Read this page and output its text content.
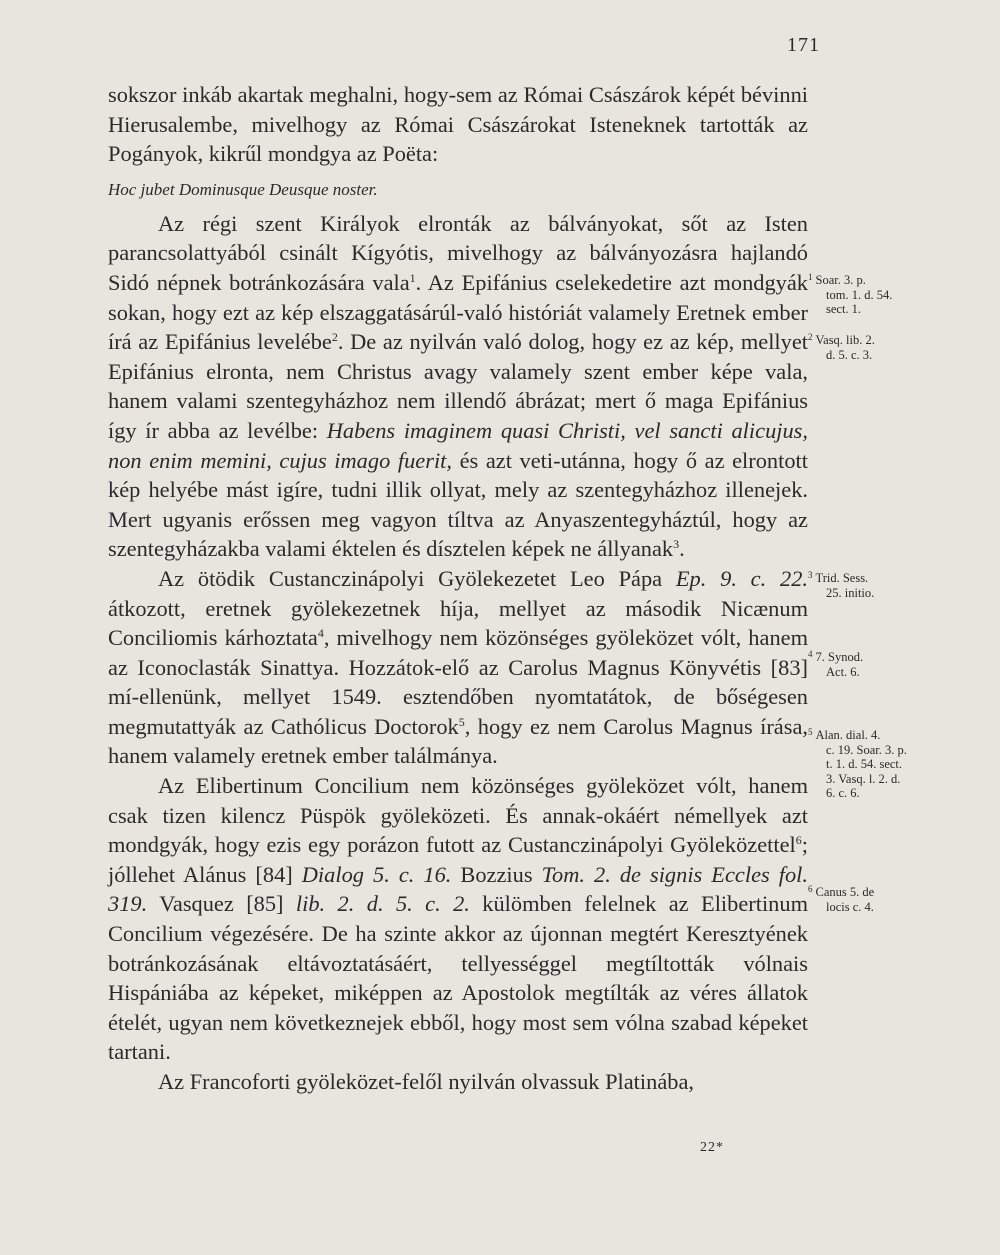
171

sokszor inkáb akartak meghalni, hogy-sem az Római Császárok képét bévinni Hierusalembe, mivelhogy az Római Császárokat Isteneknek tartották az Pogányok, kikrűl mondgya az Poëta:

Hoc jubet Dominusque Deusque noster.

Az régi szent Királyok elronták az bálványokat, sőt az Isten parancsolattyából csinált Kígyótis, mivelhogy az bálványozásra hajlandó Sidó népnek botránkozására vala$^1$. Az Epifánius cselekedetire azt mondgyák sokan, hogy ezt az kép elszaggatásárúl-való históriát valamely Eretnek ember írá az Epifánius levelébe$^2$. De az nyilván való dolog, hogy ez az kép, mellyet Epifánius elronta, nem Christus avagy valamely szent ember képe vala, hanem valami szentegyházhoz nem illendő ábrázat; mert ő maga Epifánius így ír abba az levélbe: Habens imaginem quasi Christi, vel sancti alicujus, non enim memini, cujus imago fuerit, és azt veti-utánna, hogy ő az elrontott kép helyébe mást igíre, tudni illik ollyat, mely az szentegyházhoz illenejek. Mert ugyanis erőssen meg vagyon tíltva az Anyaszentegyháztúl, hogy az szentegyházakba valami éktelen és dísztelen képek ne állyanak$^3$.

Az ötödik Custanczinápolyi Gyölekezetet Leo Pápa Ep. 9. c. 22. átkozott, eretnek gyölekezetnek híja, mellyet az második Nicænum Conciliomis kárhoztata$^4$, mivelhogy nem közönséges gyöleközet vólt, hanem az Iconoclasták Sinattya. Hozzátok-elő az Carolus Magnus Könyvétis [83] mí-ellenünk, mellyet 1549. esztendőben nyomtatátok, de bőségesen megmutattyák az Cathólicus Doctorok$^5$, hogy ez nem Carolus Magnus írása, hanem valamely eretnek ember találmánya.

Az Elibertinum Concilium nem közönséges gyöleközet vólt, hanem csak tizen kilencz Püspök gyöleközeti. És annak-okáért némellyek azt mondgyák, hogy ezis egy porázon futott az Custanczinápolyi Gyöleközettel$^6$; jóllehet Alánus [84] Dialog 5. c. 16. Bozzius Tom. 2. de signis Eccles fol. 319. Vasquez [85] lib. 2. d. 5. c. 2. külömben felelnek az Elibertinum Concilium végezésére. De ha szinte akkor az újonnan megtért Keresztyének botránkozásának eltávoztatásáért, tellyességgel megtíltották vólnais Hispániába az képeket, miképpen az Apostolok megtílták az véres állatok ételét, ugyan nem következnejek ebből, hogy most sem vólna szabad képeket tartani.

Az Francoforti gyöleközet-felől nyilván olvassuk Platinába,

$^1$ Soar. 3. p.
tom. 1. d. 54. sect. 1.
$^2$ Vasq. lib. 2.
d. 5. c. 3.
$^3$ Trid. Sess.
25. initio.
$^4$ 7. Synod.
Act. 6.
$^5$ Alan. dial. 4.
c. 19. Soar. 3. p. t. 1. d. 54. sect. 3. Vasq. l. 2. d. 6. c. 6.
$^6$ Canus 5. de
locis c. 4.
22*
